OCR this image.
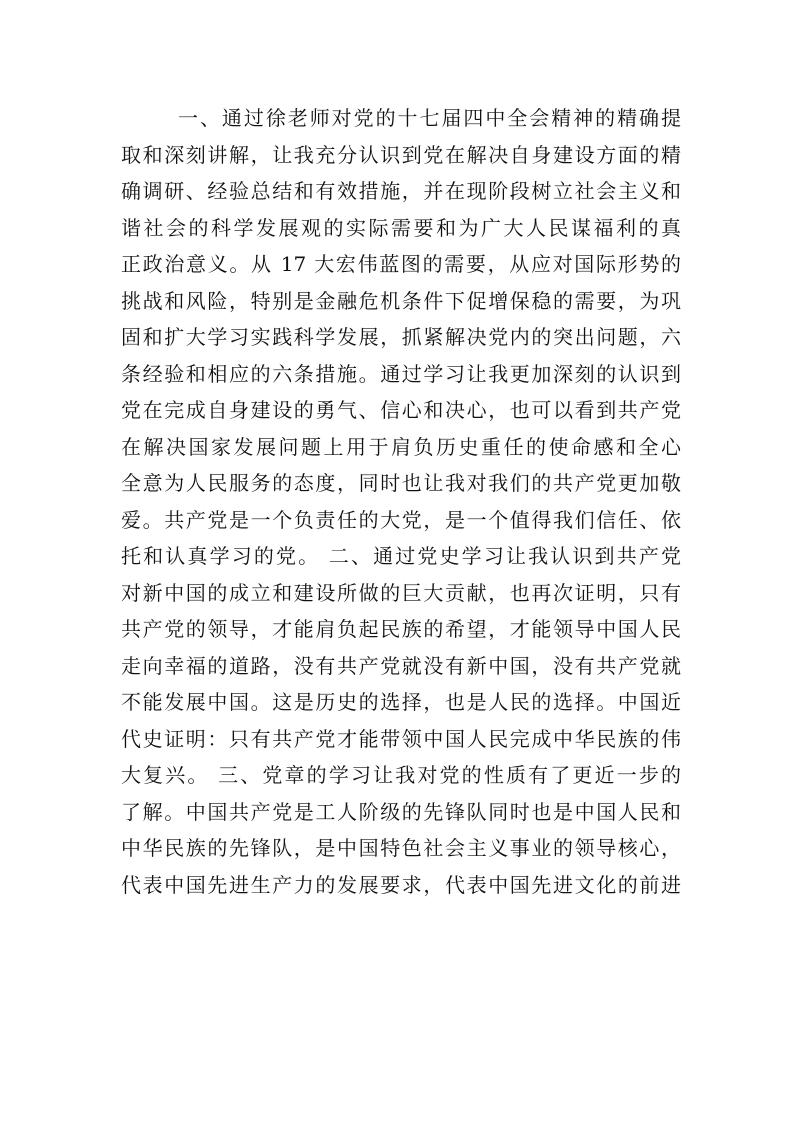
一、通过徐老师对党的十七届四中全会精神的精确提
取和深刻讲解，让我充分认识到党在解决自身建设方面的精
确调研、经验总结和有效措施，并在现阶段树立社会主义和
谐社会的科学发展观的实际需要和为广大人民谋福利的真
正政治意义。从 17 大宏伟蓝图的需要，从应对国际形势的
挑战和风险，特别是金融危机条件下促增保稳的需要，为巩
固和扩大学习实践科学发展，抓紧解决党内的突出问题，六
条经验和相应的六条措施。通过学习让我更加深刻的认识到
党在完成自身建设的勇气、信心和决心，也可以看到共产党
在解决国家发展问题上用于肩负历史重任的使命感和全心
全意为人民服务的态度，同时也让我对我们的共产党更加敬
爱。共产党是一个负责任的大党，是一个值得我们信任、依
托和认真学习的党。 二、通过党史学习让我认识到共产党
对新中国的成立和建设所做的巨大贡献，也再次证明，只有
共产党的领导，才能肩负起民族的希望，才能领导中国人民
走向幸福的道路，没有共产党就没有新中国，没有共产党就
不能发展中国。这是历史的选择，也是人民的选择。中国近
代史证明：只有共产党才能带领中国人民完成中华民族的伟
大复兴。 三、党章的学习让我对党的性质有了更近一步的
了解。中国共产党是工人阶级的先锋队同时也是中国人民和
中华民族的先锋队，是中国特色社会主义事业的领导核心，
代表中国先进生产力的发展要求，代表中国先进文化的前进
